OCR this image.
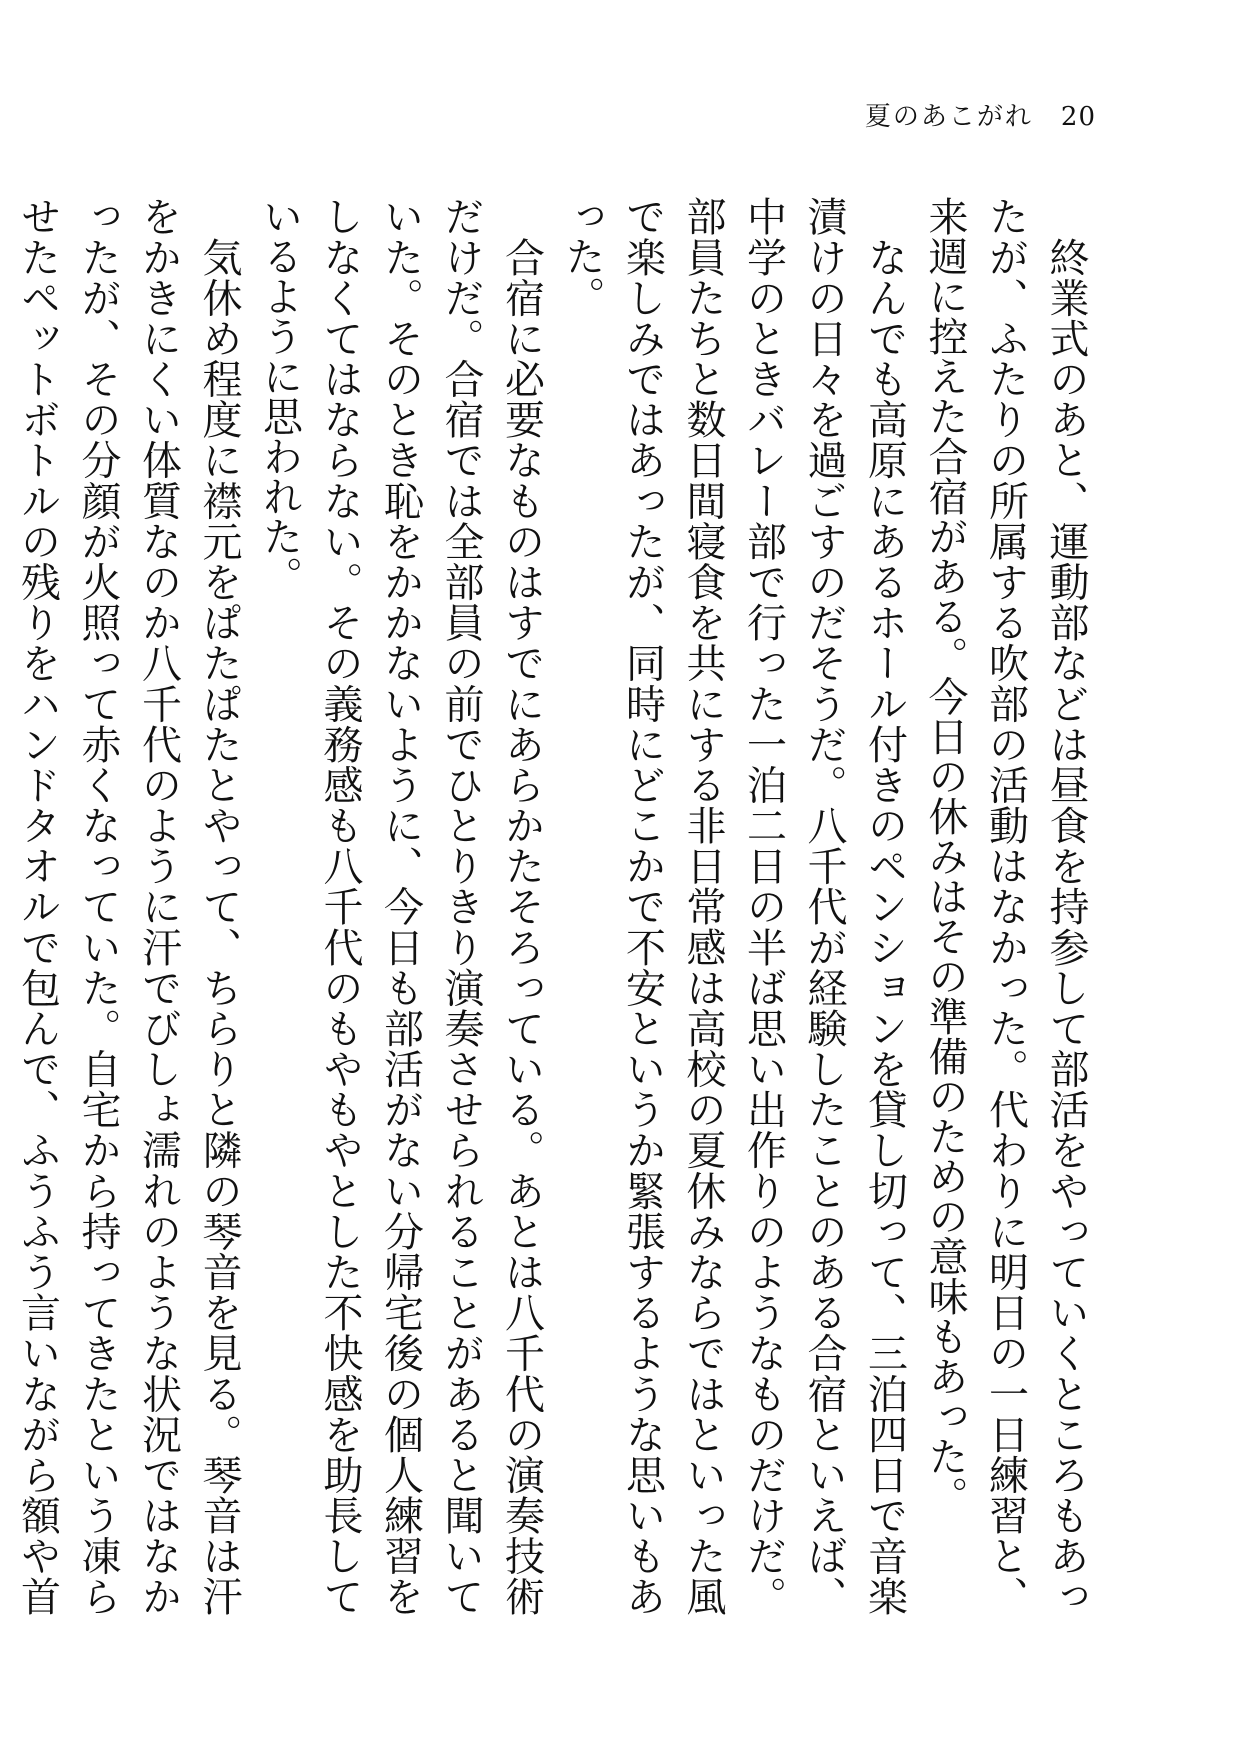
夏のあこがれ 20

　終業式のあと、運動部などは昼食を持参して部活をやっていくところもあったが、ふたりの所属する吹部の活動はなかった。代わりに明日の一日練習と、来週に控えた合宿がある。今日の休みはその準備のための意味もあった。

　なんでも高原にあるホール付きのペンションを貸し切って、三泊四日で音楽漬けの日々を過ごすのだそうだ。八千代が経験したことのある合宿といえば、中学のときバレー部で行った一泊二日の半ば思い出作りのようなものだけだ。部員たちと数日間寝食を共にする非日常感は高校の夏休みならではといった風で楽しみではあったが、同時にどこかで不安というか緊張するような思いもあった。

　合宿に必要なものはすでにあらかたそろっている。あとは八千代の演奏技術だけだ。合宿では全部員の前でひとりきり演奏させられることがあると聞いていた。そのとき恥をかかないように、今日も部活がない分帰宅後の個人練習をしなくてはならない。その義務感も八千代のもやもやとした不快感を助長しているように思われた。

　気休め程度に襟元をぱたぱたとやって、ちらりと隣の琴音を見る。琴音は汗をかきにくい体質なのか八千代のように汗でびしょ濡れのような状況ではなかったが、その分顔が火照って赤くなっていた。自宅から持ってきたという凍らせたペットボトルの残りをハンドタオルで包んで、ふうふう言いながら額や首
